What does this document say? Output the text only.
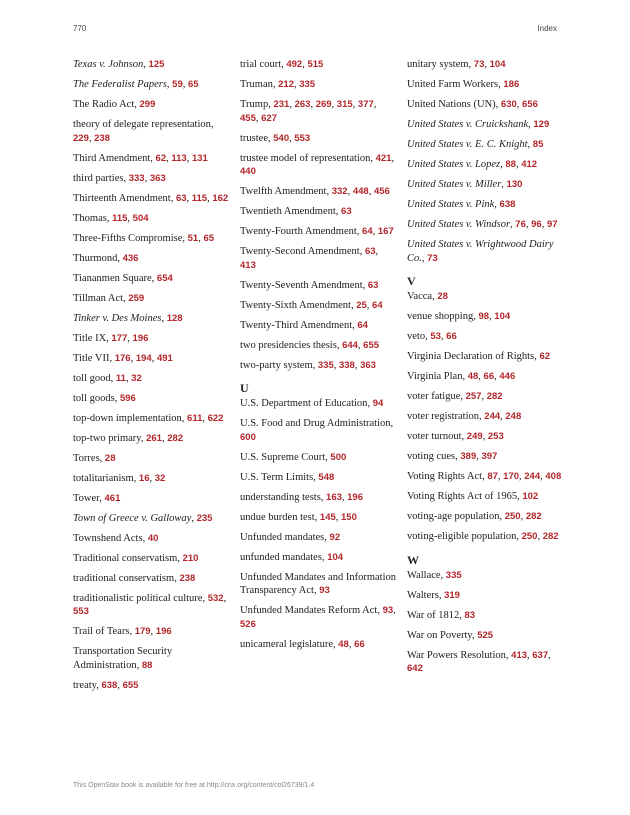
770	Index
Texas v. Johnson, 125
The Federalist Papers, 59, 65
The Radio Act, 299
theory of delegate representation, 229, 238
Third Amendment, 62, 113, 131
third parties, 333, 363
Thirteenth Amendment, 63, 115, 162
Thomas, 115, 504
Three-Fifths Compromise, 51, 65
Thurmond, 436
Tiananmen Square, 654
Tillman Act, 259
Tinker v. Des Moines, 128
Title IX, 177, 196
Title VII, 176, 194, 491
toll good, 11, 32
toll goods, 596
top-down implementation, 611, 622
top-two primary, 261, 282
Torres, 28
totalitarianism, 16, 32
Tower, 461
Town of Greece v. Galloway, 235
Townshend Acts, 40
Traditional conservatism, 210
traditional conservatism, 238
traditionalistic political culture, 532, 553
Trail of Tears, 179, 196
Transportation Security Administration, 88
treaty, 638, 655
trial court, 492, 515
Truman, 212, 335
Trump, 231, 263, 269, 315, 377, 455, 627
trustee, 540, 553
trustee model of representation, 421, 440
Twelfth Amendment, 332, 448, 456
Twentieth Amendment, 63
Twenty-Fourth Amendment, 64, 167
Twenty-Second Amendment, 63, 413
Twenty-Seventh Amendment, 63
Twenty-Sixth Amendment, 25, 64
Twenty-Third Amendment, 64
two presidencies thesis, 644, 655
two-party system, 335, 338, 363
U
U.S. Department of Education, 94
U.S. Food and Drug Administration, 600
U.S. Supreme Court, 500
U.S. Term Limits, 548
understanding tests, 163, 196
undue burden test, 145, 150
Unfunded mandates, 92
unfunded mandates, 104
Unfunded Mandates and Information Transparency Act, 93
Unfunded Mandates Reform Act, 93, 526
unicameral legislature, 48, 66
unitary system, 73, 104
United Farm Workers, 186
United Nations (UN), 630, 656
United States v. Cruickshank, 129
United States v. E. C. Knight, 85
United States v. Lopez, 88, 412
United States v. Miller, 130
United States v. Pink, 638
United States v. Windsor, 76, 96, 97
United States v. Wrightwood Dairy Co., 73
V
Vacca, 28
venue shopping, 98, 104
veto, 53, 66
Virginia Declaration of Rights, 62
Virginia Plan, 48, 66, 446
voter fatigue, 257, 282
voter registration, 244, 248
voter turnout, 249, 253
voting cues, 389, 397
Voting Rights Act, 87, 170, 244, 408
Voting Rights Act of 1965, 102
voting-age population, 250, 282
voting-eligible population, 250, 282
W
Wallace, 335
Walters, 319
War of 1812, 83
War on Poverty, 525
War Powers Resolution, 413, 637, 642
This OpenStax book is available for free at http://cnx.org/content/col26739/1.4
